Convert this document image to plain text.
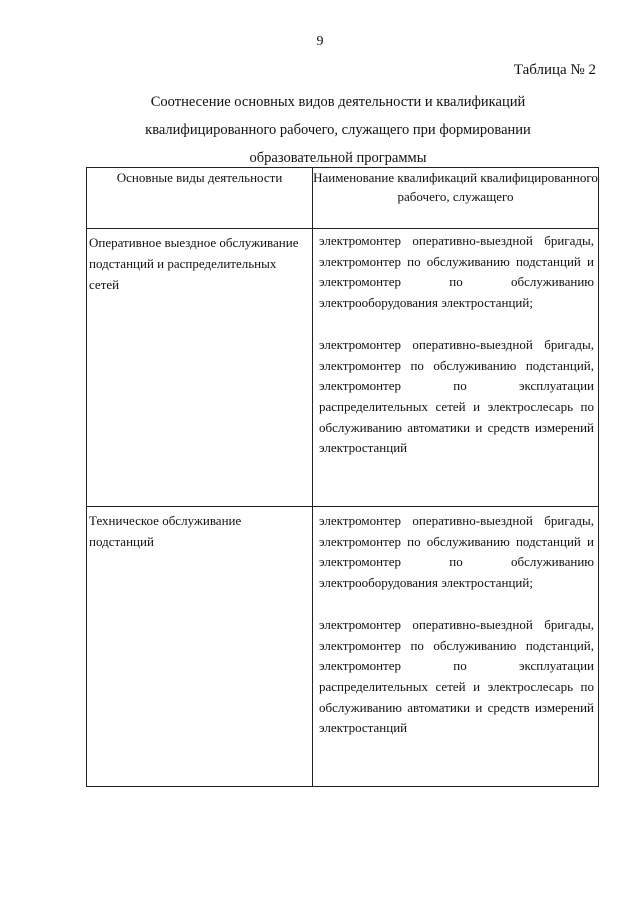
9
Таблица № 2
Соотнесение основных видов деятельности и квалификаций
квалифицированного рабочего, служащего при формировании
образовательной программы
Основные виды деятельности	Наименование квалификаций квалифицированного рабочего, служащего
Оперативное выездное обслуживание подстанций и распределительных сетей	электромонтер оперативно-выездной бригады, электромонтер по обслуживанию подстанций и электромонтер по обслуживанию электрооборудования электростанций;
электромонтер оперативно-выездной бригады, электромонтер по обслуживанию подстанций, электромонтер по эксплуатации распределительных сетей и электрослесарь по обслуживанию автоматики и средств измерений электростанций

Техническое обслуживание подстанций	электромонтер оперативно-выездной бригады, электромонтер по обслуживанию подстанций и электромонтер по обслуживанию электрооборудования электростанций;
электромонтер оперативно-выездной бригады, электромонтер по обслуживанию подстанций, электромонтер по эксплуатации распределительных сетей и электрослесарь по обслуживанию автоматики и средств измерений электростанций
